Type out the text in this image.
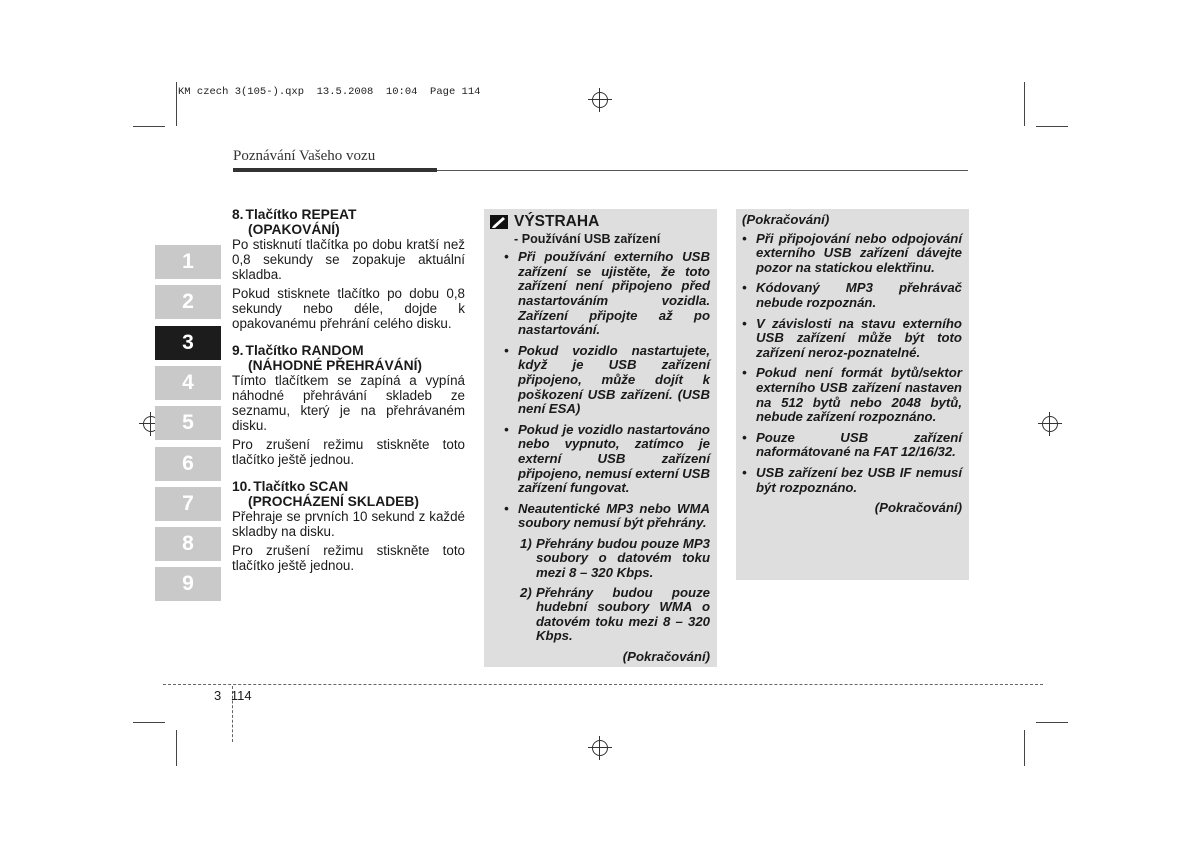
KM czech 3(105-).qxp  13.5.2008  10:04  Page 114
Poznávání Vašeho vozu
1
2
3
4
5
6
7
8
9
8. Tlačítko REPEAT
(OPAKOVÁNÍ)

Po stisknutí tlačítka po dobu kratší než 0,8 sekundy se zopakuje aktuální skladba.

Pokud stisknete tlačítko po dobu 0,8 sekundy nebo déle, dojde k opakovanému přehrání celého disku.

9. Tlačítko RANDOM
(NÁHODNÉ PŘEHRÁVÁNÍ)

Tímto tlačítkem se zapíná a vypíná náhodné přehrávání skladeb ze seznamu, který je na přehrávaném disku.

Pro zrušení režimu stiskněte toto tlačítko ještě jednou.

10. Tlačítko SCAN
(PROCHÁZENÍ SKLADEB)

Přehraje se prvních 10 sekund z každé skladby na disku.

Pro zrušení režimu stiskněte toto tlačítko ještě jednou.

VÝSTRAHA
- Používání USB zařízení
• Při používání externího USB zařízení se ujistěte, že toto zařízení není připojeno před nastartováním vozidla. Zařízení připojte až po nastartování.
• Pokud vozidlo nastartujete, když je USB zařízení připojeno, může dojít k poškození USB zařízení. (USB není ESA)
• Pokud je vozidlo nastartováno nebo vypnuto, zatímco je externí USB zařízení připojeno, nemusí externí USB zařízení fungovat.
• Neautentické MP3 nebo WMA soubory nemusí být přehrány.
1) Přehrány budou pouze MP3 soubory o datovém toku mezi 8 – 320 Kbps.
2) Přehrány budou pouze hudební soubory WMA o datovém toku mezi 8 – 320 Kbps.
(Pokračování)
(Pokračování)
• Při připojování nebo odpojování externího USB zařízení dávejte pozor na statickou elektřinu.
• Kódovaný MP3 přehrávač nebude rozpoznán.
• V závislosti na stavu externího USB zařízení může být toto zařízení neroz-poznatelné.
• Pokud není formát bytů/sektor externího USB zařízení nastaven na 512 bytů nebo 2048 bytů, nebude zařízení rozpoznáno.
• Pouze USB zařízení naformátované na FAT 12/16/32.
• USB zařízení bez USB IF nemusí být rozpoznáno.
(Pokračování)
3 114
